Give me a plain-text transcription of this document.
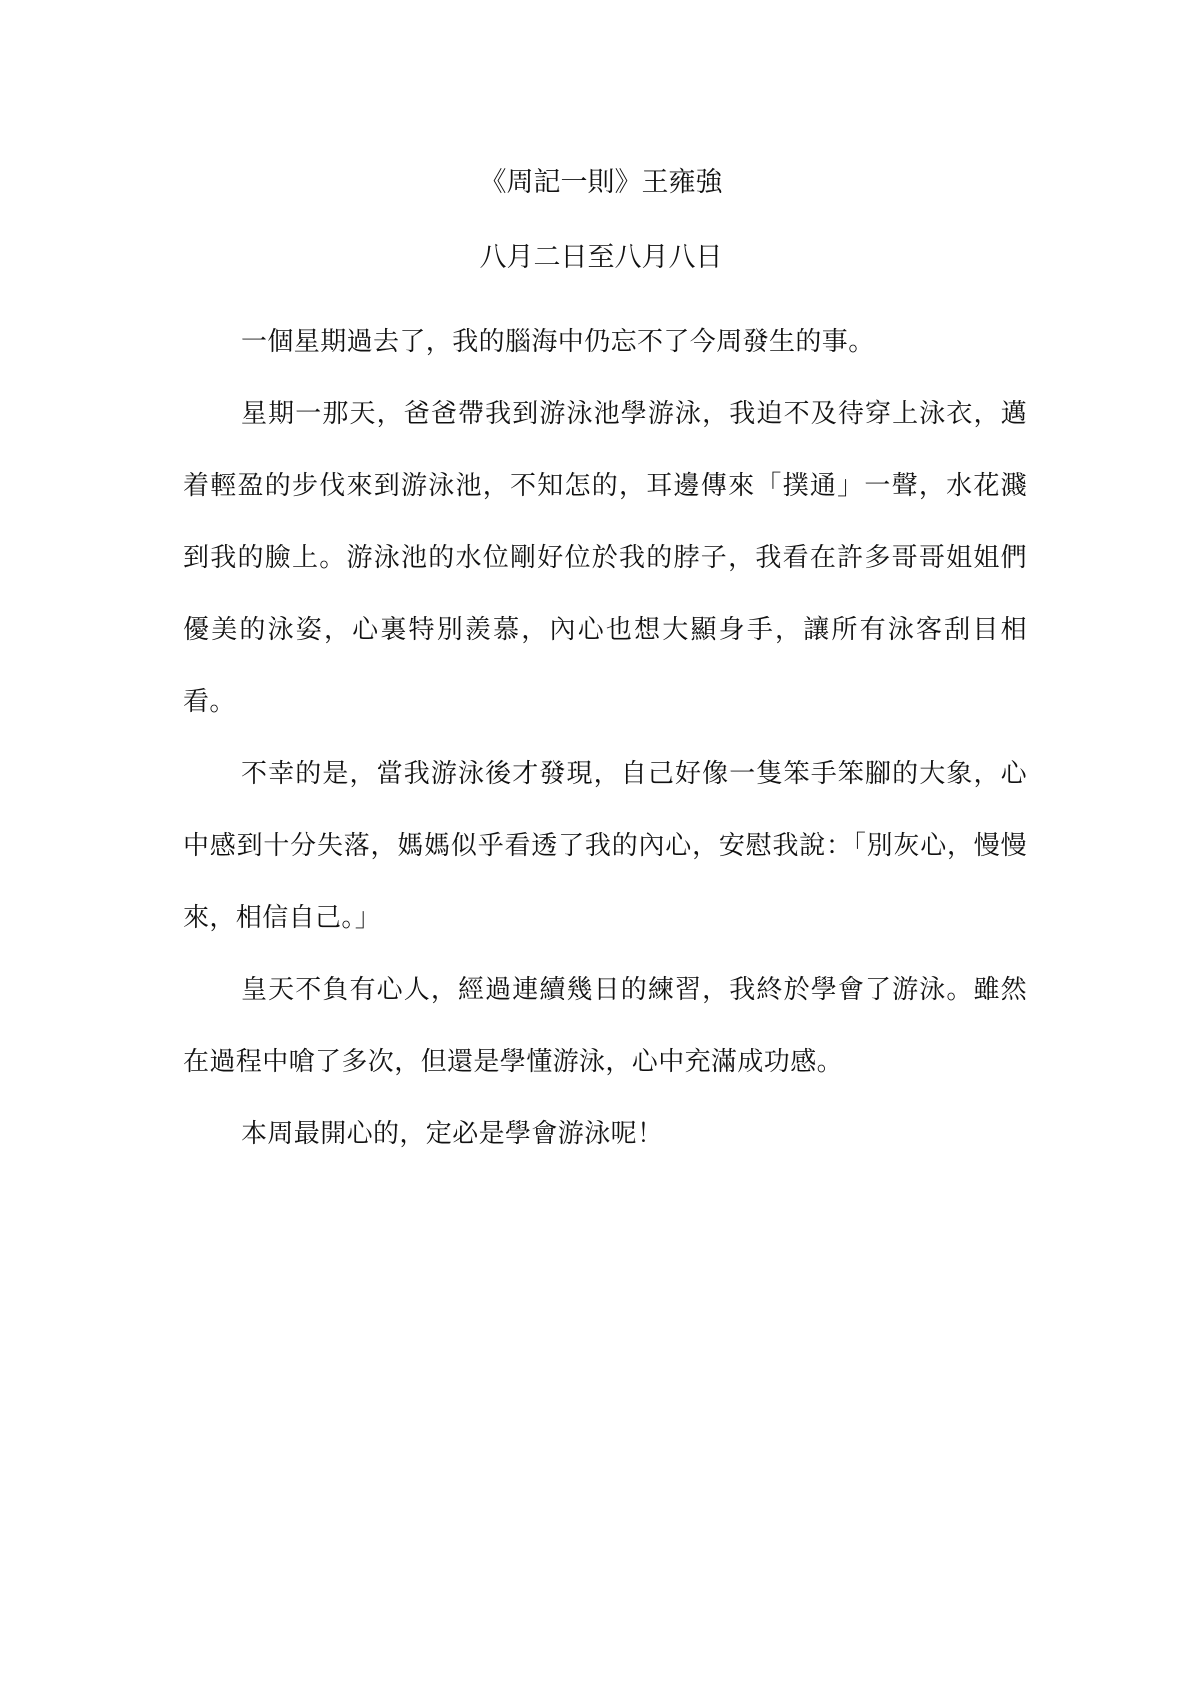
《周記一則》王雍強
八月二日至八月八日

一個星期過去了，我的腦海中仍忘不了今周發生的事。

星期一那天，爸爸帶我到游泳池學游泳，我迫不及待穿上泳衣，邁着輕盈的步伐來到游泳池，不知怎的，耳邊傳來「撲通」一聲，水花濺到我的臉上。游泳池的水位剛好位於我的脖子，我看在許多哥哥姐姐們優美的泳姿，心裏特別羨慕，內心也想大顯身手，讓所有泳客刮目相看。

不幸的是，當我游泳後才發現，自己好像一隻笨手笨腳的大象，心中感到十分失落，媽媽似乎看透了我的內心，安慰我說：「別灰心，慢慢來，相信自己。」

皇天不負有心人，經過連續幾日的練習，我終於學會了游泳。雖然在過程中嗆了多次，但還是學懂游泳，心中充滿成功感。

本周最開心的，定必是學會游泳呢！
